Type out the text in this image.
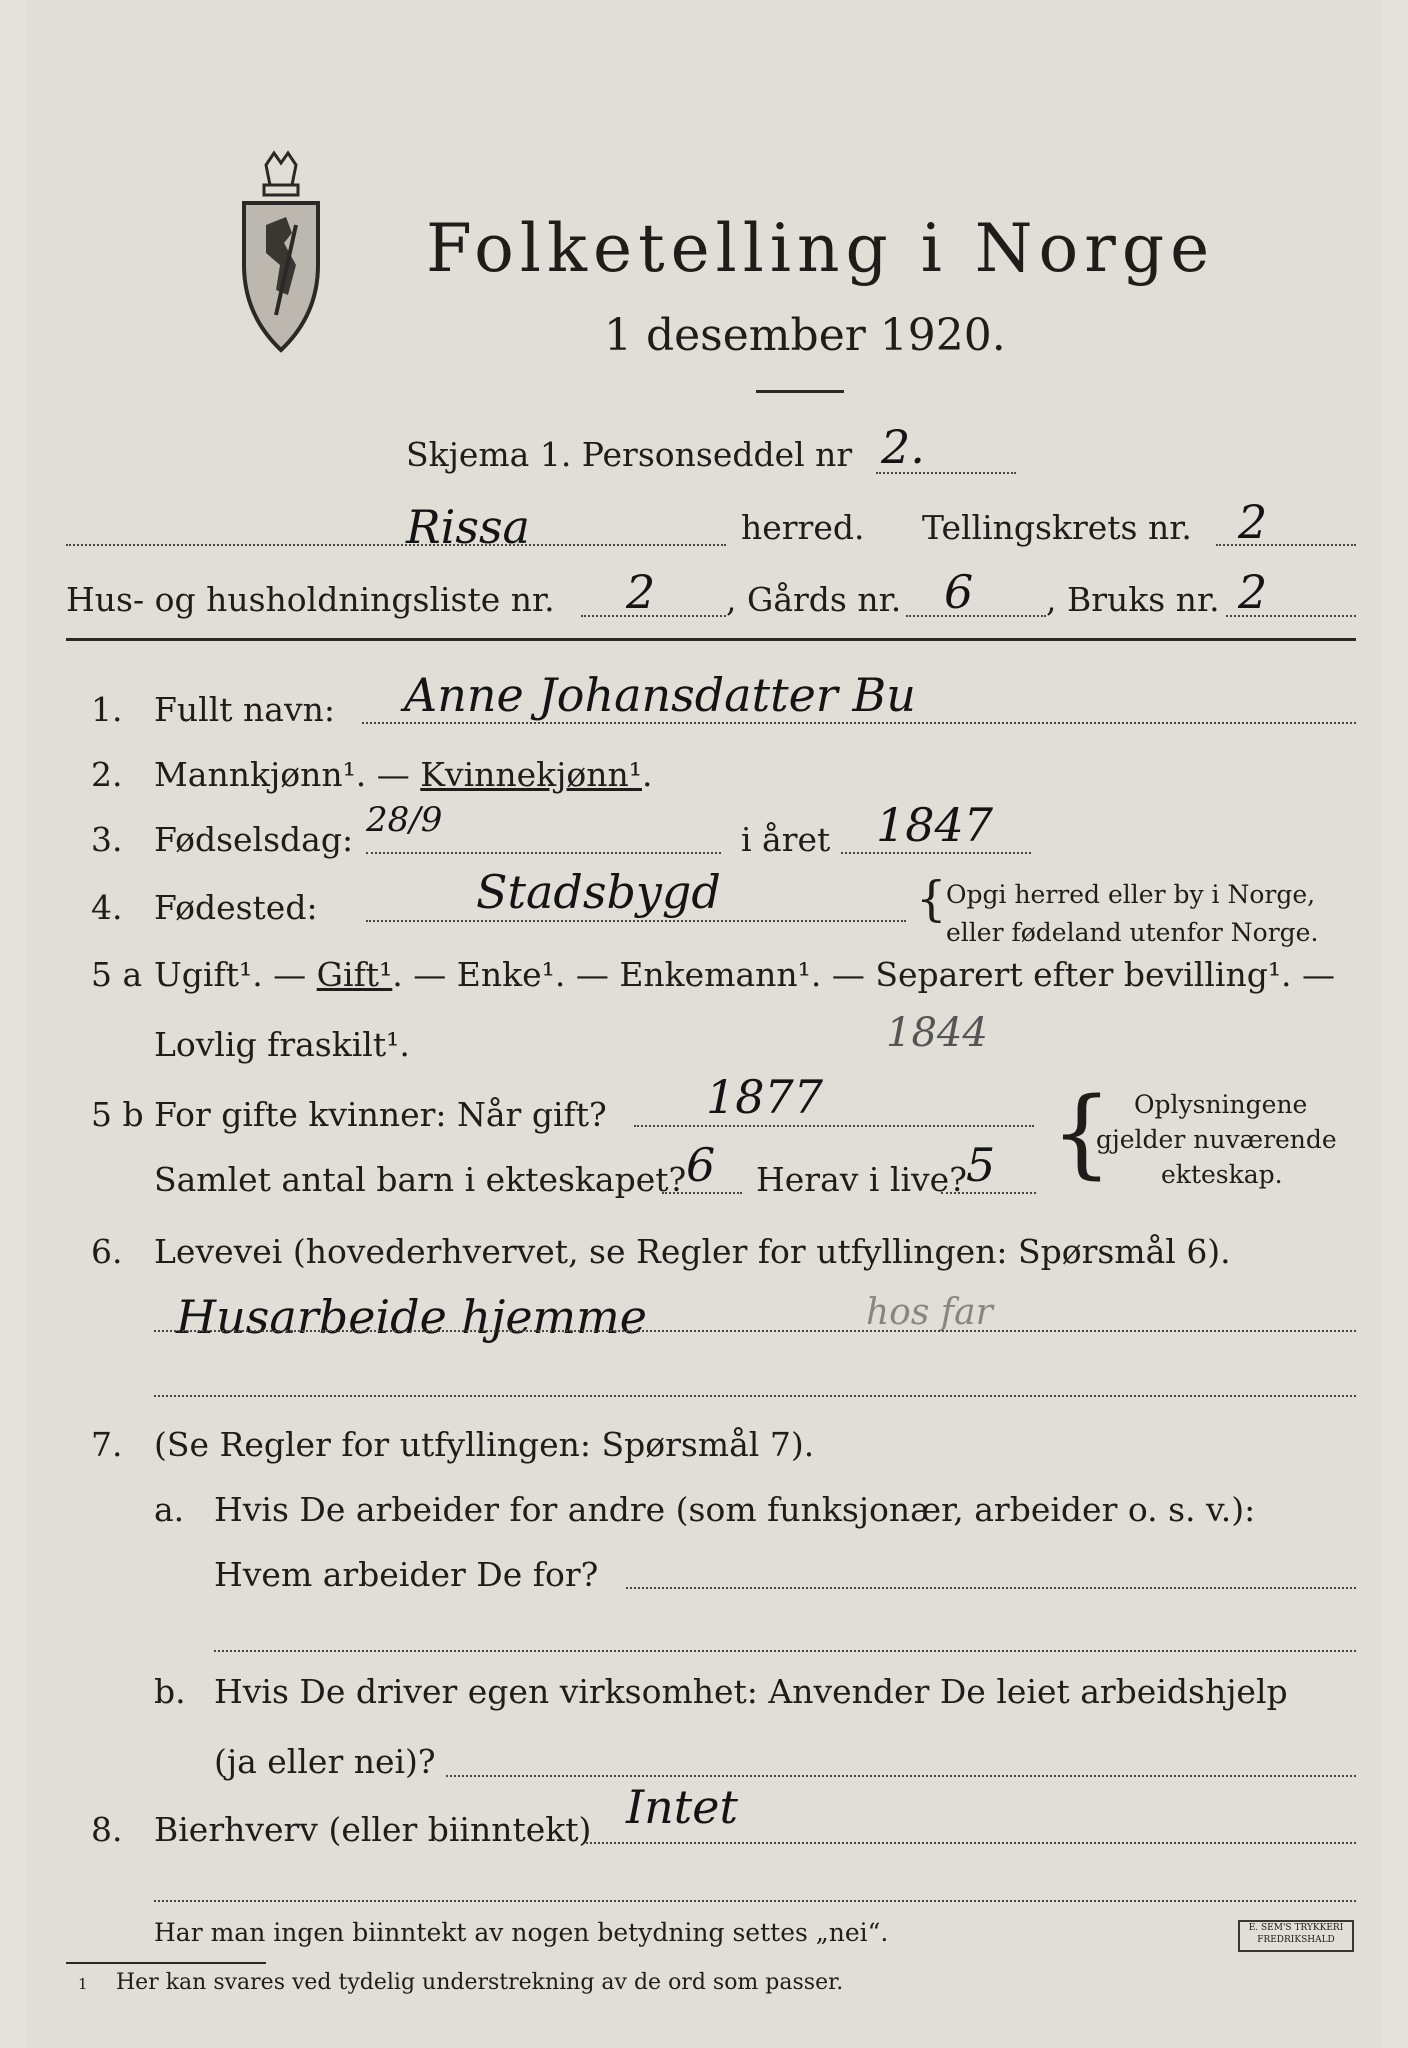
Folketelling i Norge
1 desember 1920.
Skjema 1. Personseddel nr 2.
Rissa	herred. Tellingskrets nr. 2
Hus- og husholdningsliste nr. 2 , Gårds nr. 6 , Bruks nr. 2
1. Fullt navn: Anne Johansdatter Bu
2. Mannkjønn¹. — Kvinnekjønn¹.
3. Fødselsdag: 28/9	i året 1847
4. Fødested:	Stadsbygd	{ Opgi herred eller by i Norge,
eller fødeland utenfor Norge.
5 a Ugift¹. — Gift¹. — Enke¹. — Enkemann¹. — Separert efter bevilling¹. —
Lovlig fraskilt¹.	1844
5 b For gifte kvinner: Når gift? 1877
Samlet antal barn i ekteskapet? 6 Herav i live? 5 { Oplysningene
gjelder nuværende
ekteskap.
6. Levevei (hovederhvervet, se Regler for utfyllingen: Spørsmål 6).
Husarbeide hjemme	hos far
7. (Se Regler for utfyllingen: Spørsmål 7).
a. Hvis De arbeider for andre (som funksjonær, arbeider o. s. v.):
Hvem arbeider De for?
b. Hvis De driver egen virksomhet: Anvender De leiet arbeidshjelp
(ja eller nei)?
8. Bierhverv (eller biinntekt) Intet
Har man ingen biinntekt av nogen betydning settes „nei“.
1 Her kan svares ved tydelig understrekning av de ord som passer.
E. SEM'S TRYKKERI FREDRIKSHALD
